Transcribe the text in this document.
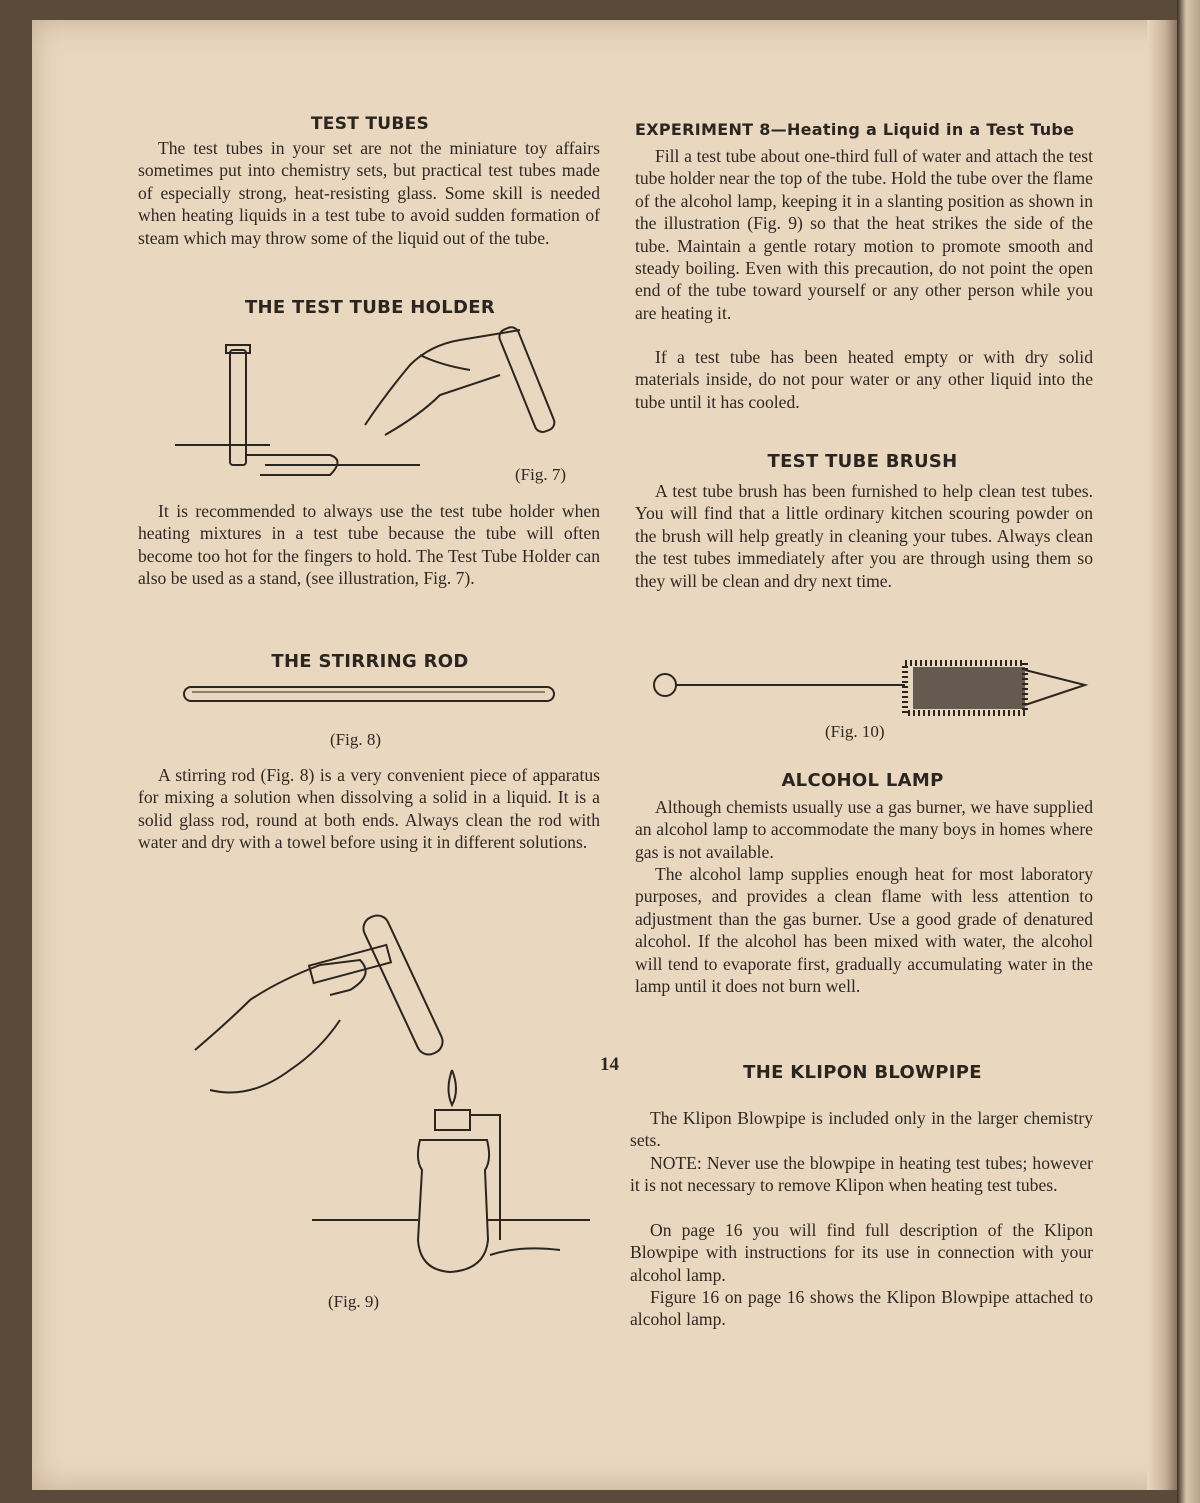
TEST TUBES

The test tubes in your set are not the miniature toy affairs sometimes put into chemistry sets, but practical test tubes made of especially strong, heat-resisting glass. Some skill is needed when heating liquids in a test tube to avoid sudden formation of steam which may throw some of the liquid out of the tube.

THE TEST TUBE HOLDER
(Fig. 7)

It is recommended to always use the test tube holder when heating mixtures in a test tube because the tube will often become too hot for the fingers to hold. The Test Tube Holder can also be used as a stand, (see illustration, Fig. 7).

THE STIRRING ROD
(Fig. 8)

A stirring rod (Fig. 8) is a very convenient piece of apparatus for mixing a solution when dissolving a solid in a liquid. It is a solid glass rod, round at both ends. Always clean the rod with water and dry with a towel before using it in different solutions.

(Fig. 9)
EXPERIMENT 8—Heating a Liquid in a Test Tube

Fill a test tube about one-third full of water and attach the test tube holder near the top of the tube. Hold the tube over the flame of the alcohol lamp, keeping it in a slanting position as shown in the illustration (Fig. 9) so that the heat strikes the side of the tube. Maintain a gentle rotary motion to promote smooth and steady boiling. Even with this precaution, do not point the open end of the tube toward yourself or any other person while you are heating it.

If a test tube has been heated empty or with dry solid materials inside, do not pour water or any other liquid into the tube until it has cooled.

TEST TUBE BRUSH

A test tube brush has been furnished to help clean test tubes. You will find that a little ordinary kitchen scouring powder on the brush will help greatly in cleaning your tubes. Always clean the test tubes immediately after you are through using them so they will be clean and dry next time.

(Fig. 10)
ALCOHOL LAMP

Although chemists usually use a gas burner, we have supplied an alcohol lamp to accommodate the many boys in homes where gas is not available.

The alcohol lamp supplies enough heat for most laboratory purposes, and provides a clean flame with less attention to adjustment than the gas burner. Use a good grade of denatured alcohol. If the alcohol has been mixed with water, the alcohol will tend to evaporate first, gradually accumulating water in the lamp until it does not burn well.

THE KLIPON BLOWPIPE

The Klipon Blowpipe is included only in the larger chemistry sets.

NOTE: Never use the blowpipe in heating test tubes; however it is not necessary to remove Klipon when heating test tubes.

On page 16 you will find full description of the Klipon Blowpipe with instructions for its use in connection with your alcohol lamp.

Figure 16 on page 16 shows the Klipon Blowpipe attached to alcohol lamp.

14
